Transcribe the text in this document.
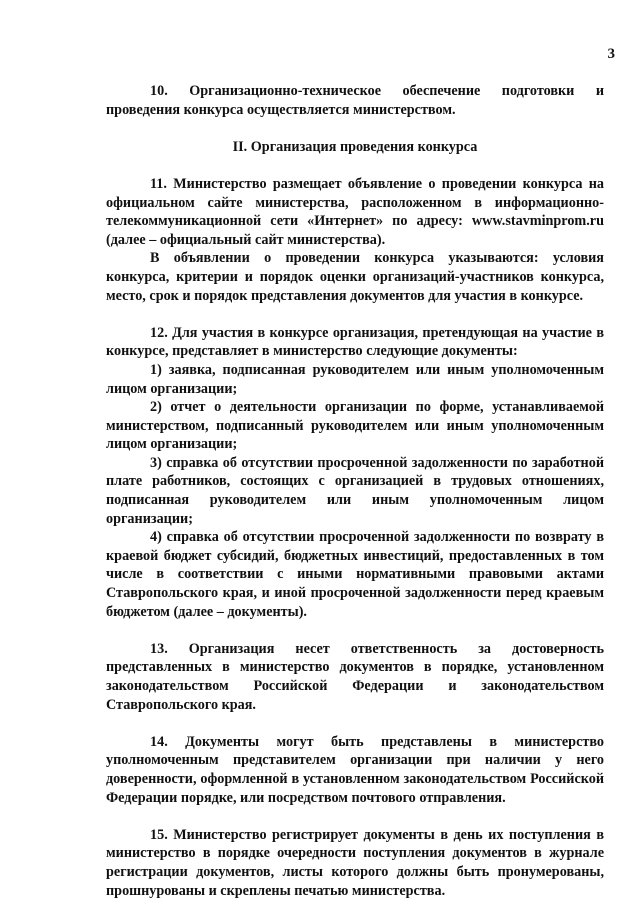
3

10. Организационно-техническое обеспечение подготовки и проведения конкурса осуществляется министерством.

II. Организация проведения конкурса

11. Министерство размещает объявление о проведении конкурса на официальном сайте министерства, расположенном в информационно-телекоммуникационной сети «Интернет» по адресу: www.stavminprom.ru (далее – официальный сайт министерства).

В объявлении о проведении конкурса указываются: условия конкурса, критерии и порядок оценки организаций-участников конкурса, место, срок и порядок представления документов для участия в конкурсе.

12. Для участия в конкурсе организация, претендующая на участие в конкурсе, представляет в министерство следующие документы:

1) заявка, подписанная руководителем или иным уполномоченным лицом организации;

2) отчет о деятельности организации по форме, устанавливаемой министерством, подписанный руководителем или иным уполномоченным лицом организации;

3) справка об отсутствии просроченной задолженности по заработной плате работников, состоящих с организацией в трудовых отношениях, подписанная руководителем или иным уполномоченным лицом организации;

4) справка об отсутствии просроченной задолженности по возврату в краевой бюджет субсидий, бюджетных инвестиций, предоставленных в том числе в соответствии с иными нормативными правовыми актами Ставропольского края, и иной просроченной задолженности перед краевым бюджетом (далее – документы).

13. Организация несет ответственность за достоверность представленных в министерство документов в порядке, установленном законодательством Российской Федерации и законодательством Ставропольского края.

14. Документы могут быть представлены в министерство уполномоченным представителем организации при наличии у него доверенности, оформленной в установленном законодательством Российской Федерации порядке, или посредством почтового отправления.

15. Министерство регистрирует документы в день их поступления в министерство в порядке очередности поступления документов в журнале регистрации документов, листы которого должны быть пронумерованы, прошнурованы и скреплены печатью министерства.
